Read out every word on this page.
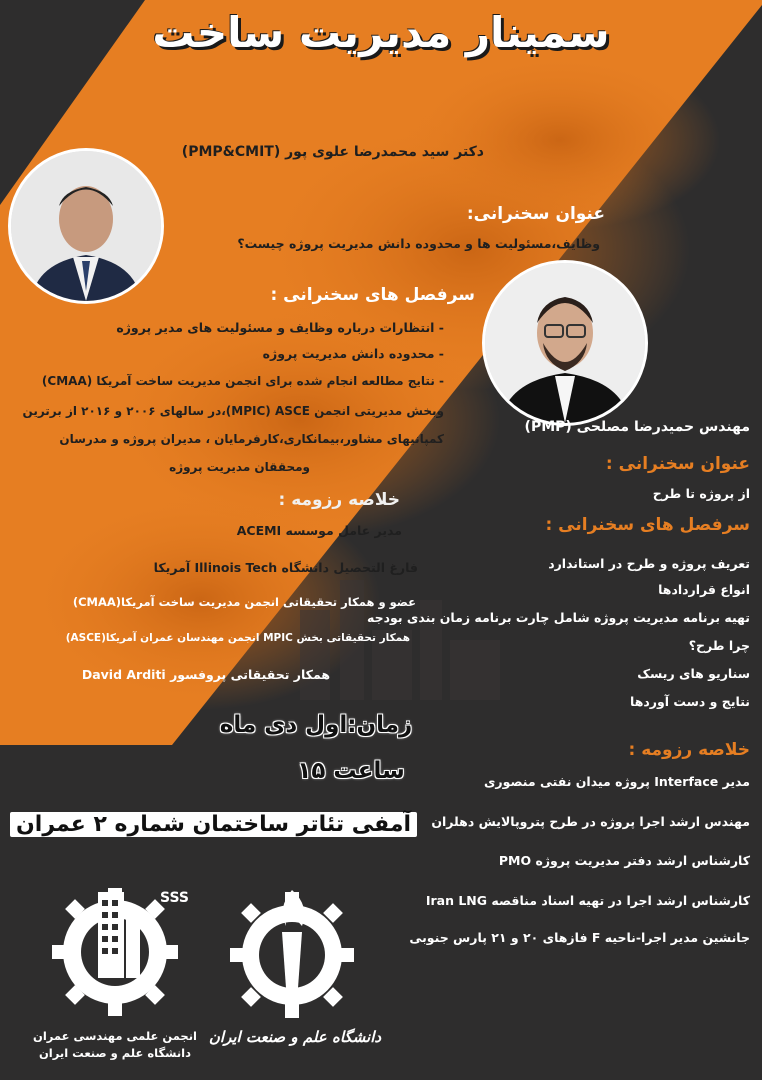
سمینار مدیریت ساخت
دکتر سید محمدرضا علوی پور (PMP&CMIT)
عنوان سخنرانی:
وظایف،مسئولیت ها و محدوده دانش مدیریت پروژه چیست؟
سرفصل های سخنرانی :
- انتظارات درباره وظایف و مسئولیت های مدیر پروژه
- محدوده دانش مدیریت پروژه
- نتایج مطالعه انجام شده برای انجمن مدیریت ساخت آمریکا (CMAA)
وبخش مدیریتی انجمن MPIC) ASCE)،در سالهای ۲۰۰۶ و ۲۰۱۶ از برترین
کمپانیهای مشاور،بیمانکاری،کارفرمایان ، مدیران پروژه و مدرسان
ومحققان مدیریت پروژه
خلاصه رزومه :
مدیر عامل موسسه ACEMI
فارغ التحصیل دانشگاه Illinois Tech آمریکا
عضو و همکار تحقیقاتی انجمن مدیریت ساخت آمریکا(CMAA)
همکار تحقیقاتی بخش MPIC انجمن مهندسان عمران آمریکا(ASCE)
همکار تحقیقاتی پروفسور David Arditi
مهندس حمیدرضا مصلحی (PMP)
عنوان سخنرانی :
از پروژه تا طرح
سرفصل های سخنرانی :
تعریف پروژه و طرح در استاندارد
انواع قراردادها
تهیه برنامه مدیریت پروژه شامل چارت برنامه زمان بندی بودجه
چرا طرح؟
سناریو های ریسک
نتایج و دست آوردها
خلاصه رزومه :
مدیر Interface پروژه میدان نفتی منصوری
مهندس ارشد اجرا پروژه در طرح پتروپالایش دهلران
کارشناس ارشد دفتر مدیریت پروژه PMO
کارشناس ارشد اجرا در تهیه اسناد مناقصه Iran LNG
جانشین مدیر اجرا-ناحیه F فازهای ۲۰ و ۲۱ پارس جنوبی
زمان:اول دی ماه
ساعت ۱۵
آمفی تئاتر ساختمان شماره ۲ عمران
SSS
انجمن علمی مهندسی عمران
دانشگاه علم و صنعت ایران
دانشگاه علم و صنعت ایران
